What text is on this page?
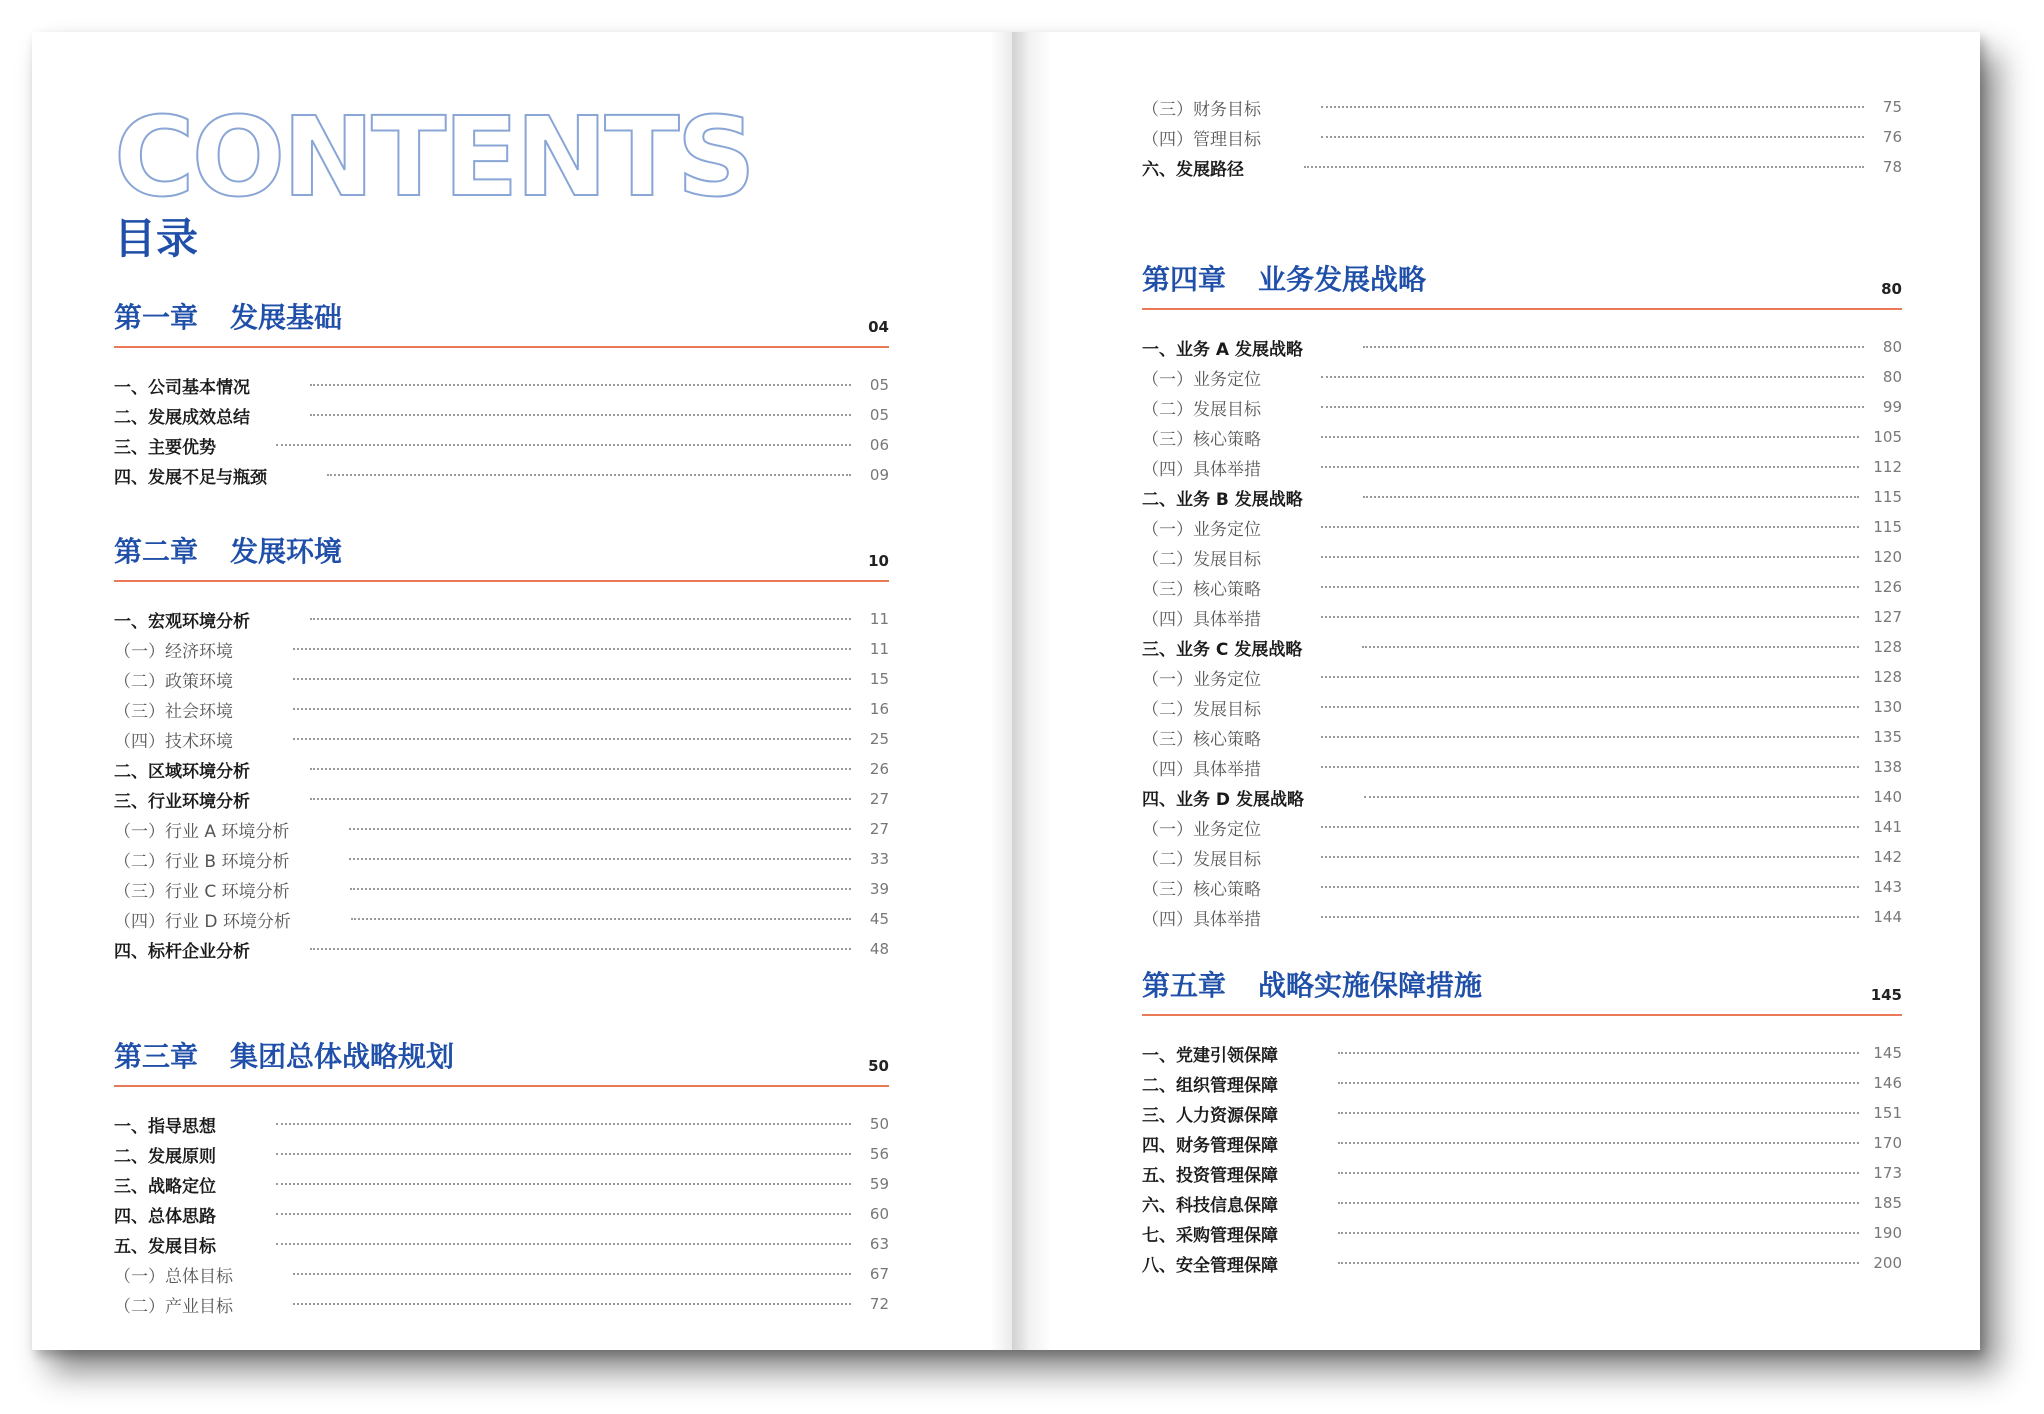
CONTENTS
目录
第一章 发展基础	04
一、公司基本情况	05
二、发展成效总结	05
三、主要优势	06
四、发展不足与瓶颈	09
第二章 发展环境	10
一、宏观环境分析	11
（一）经济环境	11
（二）政策环境	15
（三）社会环境	16
（四）技术环境	25
二、区域环境分析	26
三、行业环境分析	27
（一）行业 A 环境分析	27
（二）行业 B 环境分析	33
（三）行业 C 环境分析	39
（四）行业 D 环境分析	45
四、标杆企业分析	48
第三章 集团总体战略规划	50
一、指导思想	50
二、发展原则	56
三、战略定位	59
四、总体思路	60
五、发展目标	63
（一）总体目标	67
（二）产业目标	72
（三）财务目标	75
（四）管理目标	76
六、发展路径	78
第四章 业务发展战略	80
一、业务 A 发展战略	80
（一）业务定位	80
（二）发展目标	99
（三）核心策略	105
（四）具体举措	112
二、业务 B 发展战略	115
（一）业务定位	115
（二）发展目标	120
（三）核心策略	126
（四）具体举措	127
三、业务 C 发展战略	128
（一）业务定位	128
（二）发展目标	130
（三）核心策略	135
（四）具体举措	138
四、业务 D 发展战略	140
（一）业务定位	141
（二）发展目标	142
（三）核心策略	143
（四）具体举措	144
第五章 战略实施保障措施	145
一、党建引领保障	145
二、组织管理保障	146
三、人力资源保障	151
四、财务管理保障	170
五、投资管理保障	173
六、科技信息保障	185
七、采购管理保障	190
八、安全管理保障	200
